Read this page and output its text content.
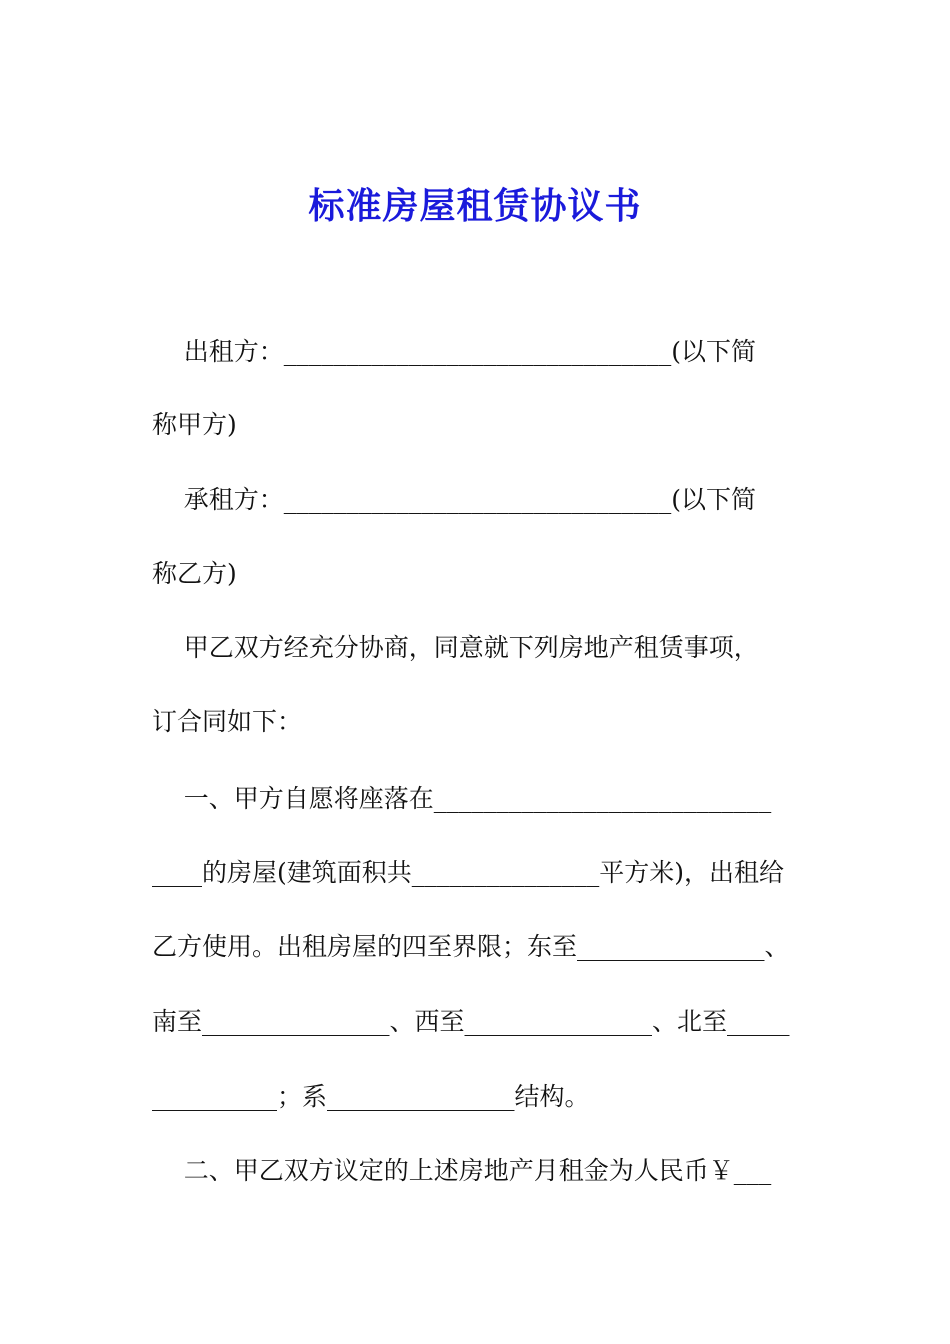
标准房屋租赁协议书
出租方：_______________________________(以下简
称甲方)
承租方：_______________________________(以下简
称乙方)
甲乙双方经充分协商，同意就下列房地产租赁事项，
订合同如下：
一、甲方自愿将座落在___________________________
____的房屋(建筑面积共_______________平方米)，出租给
乙方使用。出租房屋的四至界限；东至_______________、
南至_______________、西至_______________、北至_____
__________；系_______________结构。
二、甲乙双方议定的上述房地产月租金为人民币￥___
